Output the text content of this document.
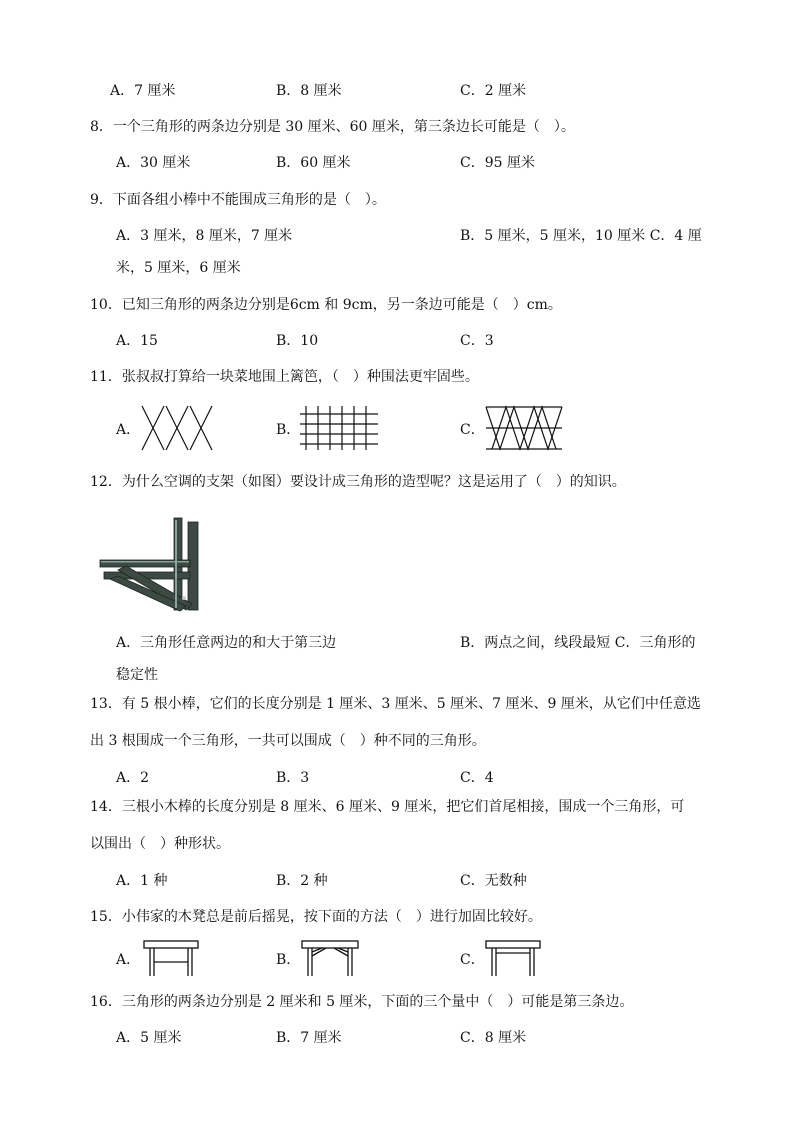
A．7 厘米	B．8 厘米	C．2 厘米
8．一个三角形的两条边分别是 30 厘米、60 厘米，第三条边长可能是（　）。
A．30 厘米	B．60 厘米	C．95 厘米
9．下面各组小棒中不能围成三角形的是（　）。
A．3 厘米，8 厘米，7 厘米	B．5 厘米，5 厘米，10 厘米 C．4 厘
米，5 厘米，6 厘米
10．已知三角形的两条边分别是6cm 和 9cm，另一条边可能是（　）cm。
A．15	B．10	C．3
11．张叔叔打算给一块菜地围上篱笆，（　）种围法更牢固些。
A．	B．	C．
12．为什么空调的支架（如图）要设计成三角形的造型呢？这是运用了（　）的知识。
A．三角形任意两边的和大于第三边	B．两点之间，线段最短 C．三角形的
稳定性
13．有 5 根小棒，它们的长度分别是 1 厘米、3 厘米、5 厘米、7 厘米、9 厘米，从它们中任意选
出 3 根围成一个三角形，一共可以围成（　）种不同的三角形。
A．2	B．3	C．4
14．三根小木棒的长度分别是 8 厘米、6 厘米、9 厘米，把它们首尾相接，围成一个三角形，可
以围出（　）种形状。
A．1 种	B．2 种	C．无数种
15．小伟家的木凳总是前后摇晃，按下面的方法（　）进行加固比较好。
A．	B．	C．
16．三角形的两条边分别是 2 厘米和 5 厘米，下面的三个量中（　）可能是第三条边。
A．5 厘米	B．7 厘米	C．8 厘米
